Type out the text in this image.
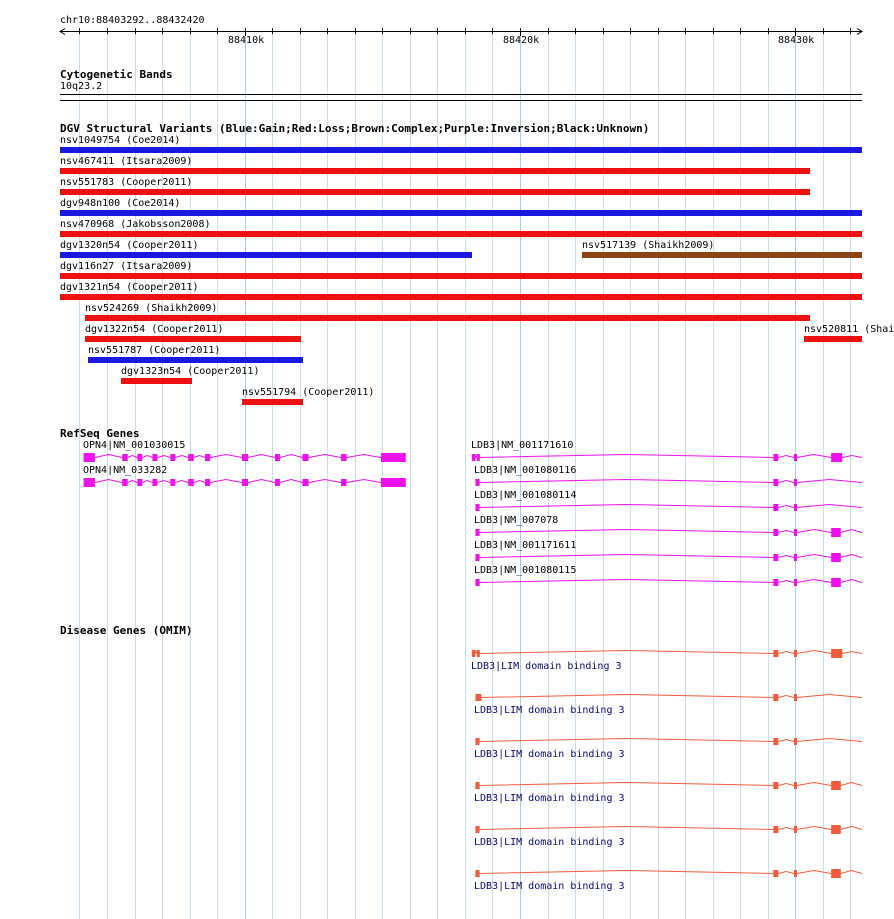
chr10:88403292..88432420
88410k	88420k	88430k
Cytogenetic Bands
10q23.2
DGV Structural Variants (Blue:Gain;Red:Loss;Brown:Complex;Purple:Inversion;Black:Unknown)
nsv1049754 (Coe2014)
nsv467411 (Itsara2009)
nsv551783 (Cooper2011)
dgv948n100 (Coe2014)
nsv470968 (Jakobsson2008)
dgv1320n54 (Cooper2011)	nsv517139 (Shaikh2009)
dgv116n27 (Itsara2009)
dgv1321n54 (Cooper2011)
nsv524269 (Shaikh2009)
dgv1322n54 (Cooper2011)	nsv520811 (Shai
nsv551787 (Cooper2011)
dgv1323n54 (Cooper2011)
nsv551794 (Cooper2011)
RefSeq Genes
OPN4|NM_001030015
OPN4|NM_033282
LDB3|NM_001171610
LDB3|NM_001080116
LDB3|NM_001080114
LDB3|NM_007078
LDB3|NM_001171611
LDB3|NM_001080115
Disease Genes (OMIM)
LDB3|LIM domain binding 3
LDB3|LIM domain binding 3
LDB3|LIM domain binding 3
LDB3|LIM domain binding 3
LDB3|LIM domain binding 3
LDB3|LIM domain binding 3
